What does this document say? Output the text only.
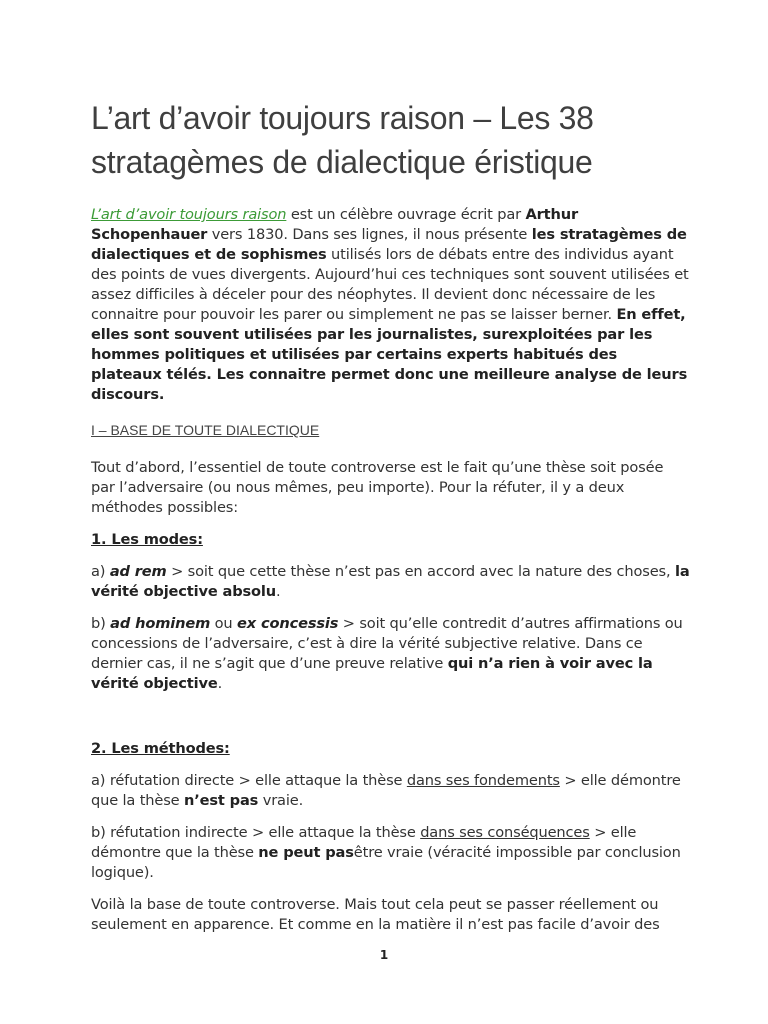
L’art d’avoir toujours raison – Les 38 stratagèmes de dialectique éristique

L’art d’avoir toujours raison est un célèbre ouvrage écrit par Arthur Schopenhauer vers 1830. Dans ses lignes, il nous présente les stratagèmes de dialectiques et de sophismes utilisés lors de débats entre des individus ayant des points de vues divergents. Aujourd’hui ces techniques sont souvent utilisées et assez difficiles à déceler pour des néophytes. Il devient donc nécessaire de les connaitre pour pouvoir les parer ou simplement ne pas se laisser berner. En effet, elles sont souvent utilisées par les journalistes, surexploitées par les hommes politiques et utilisées par certains experts habitués des plateaux télés. Les connaitre permet donc une meilleure analyse de leurs discours.

I – BASE DE TOUTE DIALECTIQUE

Tout d’abord, l’essentiel de toute controverse est le fait qu’une thèse soit posée par l’adversaire (ou nous mêmes, peu importe). Pour la réfuter, il y a deux méthodes possibles:

1. Les modes:

a) ad rem > soit que cette thèse n’est pas en accord avec la nature des choses, la vérité objective absolu.

b) ad hominem ou ex concessis > soit qu’elle contredit d’autres affirmations ou concessions de l’adversaire, c’est à dire la vérité subjective relative. Dans ce dernier cas, il ne s’agit que d’une preuve relative qui n’a rien à voir avec la vérité objective.

2. Les méthodes:

a) réfutation directe > elle attaque la thèse dans ses fondements > elle démontre que la thèse n’est pas vraie.

b) réfutation indirecte > elle attaque la thèse dans ses conséquences > elle démontre que la thèse ne peut pasêtre vraie (véracité impossible par conclusion logique).

Voilà la base de toute controverse. Mais tout cela peut se passer réellement ou seulement en apparence. Et comme en la matière il n’est pas facile d’avoir des

1
